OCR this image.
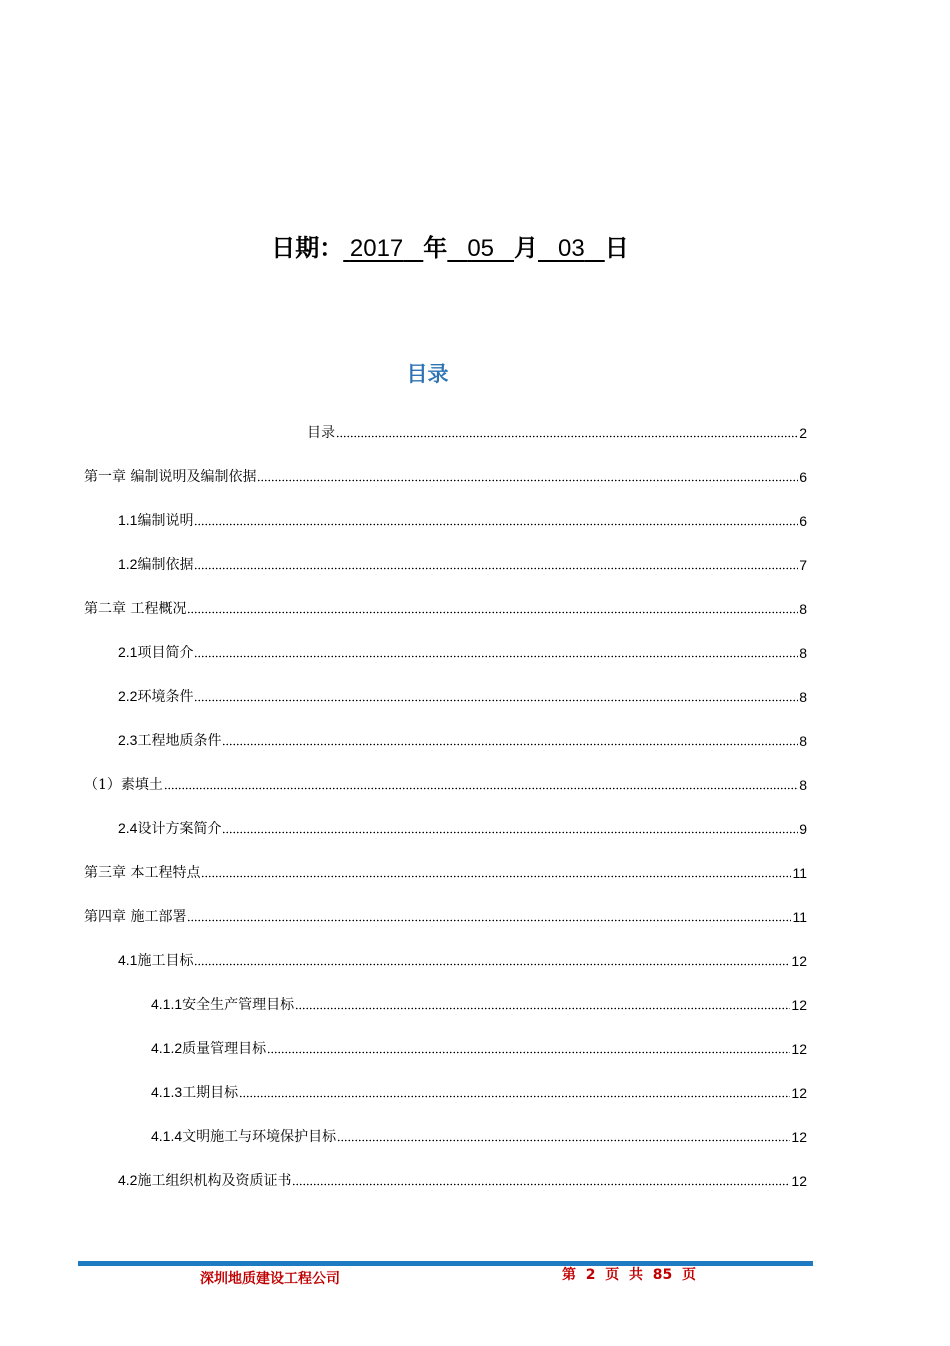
日期： 2017 年 05 月 03 日
目录
目录	2
第一章 编制说明及编制依据	6
1.1编制说明	6
1.2编制依据	7
第二章 工程概况	8
2.1项目简介	8
2.2环境条件	8
2.3工程地质条件	8
（1）素填土	8
2.4设计方案简介	9
第三章 本工程特点	11
第四章 施工部署	11
4.1施工目标	12
4.1.1安全生产管理目标	12
4.1.2质量管理目标	12
4.1.3工期目标	12
4.1.4文明施工与环境保护目标	12
4.2施工组织机构及资质证书	12
深圳地质建设工程公司	第  2  页  共  85  页
